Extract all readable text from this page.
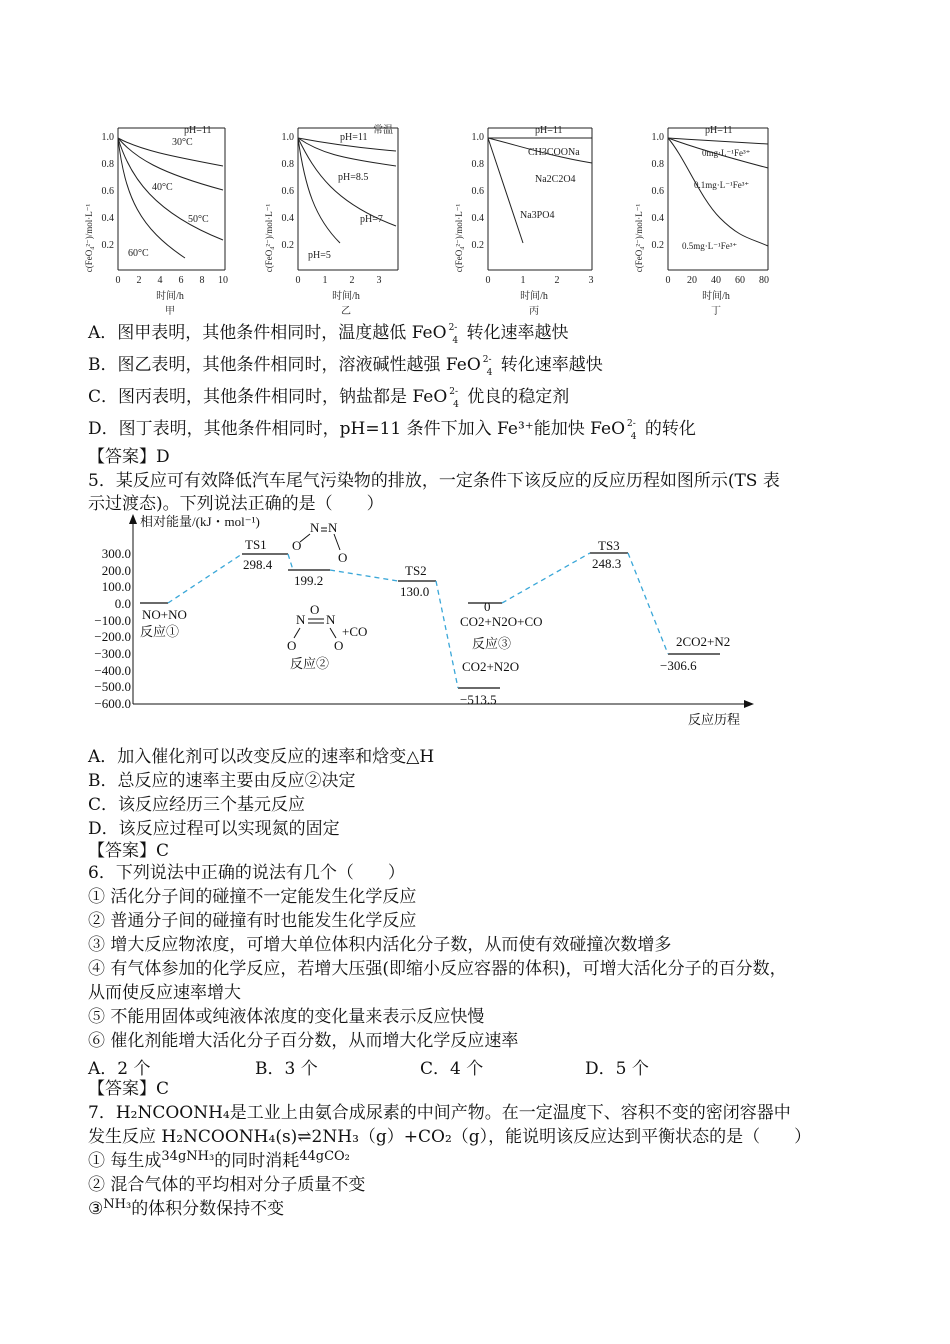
c(FeO₄²⁻)/mol·L⁻¹
1.0
0.8
0.6
0.4
0.2
0 2 4 6 8 10
时间/h
甲
pH=11
30°C
40°C
50°C
60°C	c(FeO₄²⁻)/mol·L⁻¹
1.0
0.8
0.6
0.4
0.2
0 1 2 3
时间/h
乙
pH=11
常温
pH=8.5
pH=7
pH=5	c(FeO₄²⁻)/mol·L⁻¹
1.0
0.8
0.6
0.4
0.2
0	1	2	3
时间/h
丙
pH=11
CH3COONa
Na2C2O4
Na3PO4	c(FeO₄²⁻)/mol·L⁻¹
1.0
0.8
0.6
0.4
0.2
0 20 40 60 80
时间/h
丁
pH=11
0mg·L⁻¹Fe³⁺
0.1mg·L⁻¹Fe³⁺
0.5mg·L⁻¹Fe³⁺
A．图甲表明，其他条件相同时，温度越低 FeO $^{2-}_4$ 转化速率越快
B．图乙表明，其他条件相同时，溶液碱性越强 FeO $^{2-}_4$ 转化速率越快
C．图丙表明，其他条件相同时，钠盐都是 FeO $^{2-}_4$ 优良的稳定剂
D．图丁表明，其他条件相同时，pH=11 条件下加入 Fe³⁺能加快 FeO $^{2-}_4$ 的转化
【答案】D
5．某反应可有效降低汽车尾气污染物的排放，一定条件下该反应的反应历程如图所示(TS 表
示过渡态)。下列说法正确的是（　　）
相对能量/(kJ・mol⁻¹)
反应历程
300.0
200.0
100.0
0.0
−100.0
−200.0
−300.0
−400.0
−500.0
−600.0
NO+NO
反应①
TS1
298.4
199.2
N N
O
O
TS2
130.0
O
N N
O	O
+CO
反应②	CO2+N2O
−513.5
0
CO2+N2O+CO
反应③
TS3
248.3
2CO2+N2
−306.6
A．加入催化剂可以改变反应的速率和焓变△H
B．总反应的速率主要由反应②决定
C．该反应经历三个基元反应
D．该反应过程可以实现氮的固定
【答案】C
6．下列说法中正确的说法有几个（　　）
① 活化分子间的碰撞不一定能发生化学反应
② 普通分子间的碰撞有时也能发生化学反应
③ 增大反应物浓度，可增大单位体积内活化分子数，从而使有效碰撞次数增多
④ 有气体参加的化学反应，若增大压强(即缩小反应容器的体积)，可增大活化分子的百分数，
从而使反应速率增大
⑤ 不能用固体或纯液体浓度的变化量来表示反应快慢
⑥ 催化剂能增大活化分子百分数，从而增大化学反应速率
A．2 个	B．3 个	C．4 个	D．5 个
【答案】C
7．H₂NCOONH₄是工业上由氨合成尿素的中间产物。在一定温度下、容积不变的密闭容器中
发生反应 H₂NCOONH₄(s)⇌2NH₃（g）+CO₂（g），能说明该反应达到平衡状态的是（　　）
① 每生成$^{34gNH_3}$的同时消耗$^{44gCO_2}$
② 混合气体的平均相对分子质量不变
③$^{NH_3}$的体积分数保持不变
